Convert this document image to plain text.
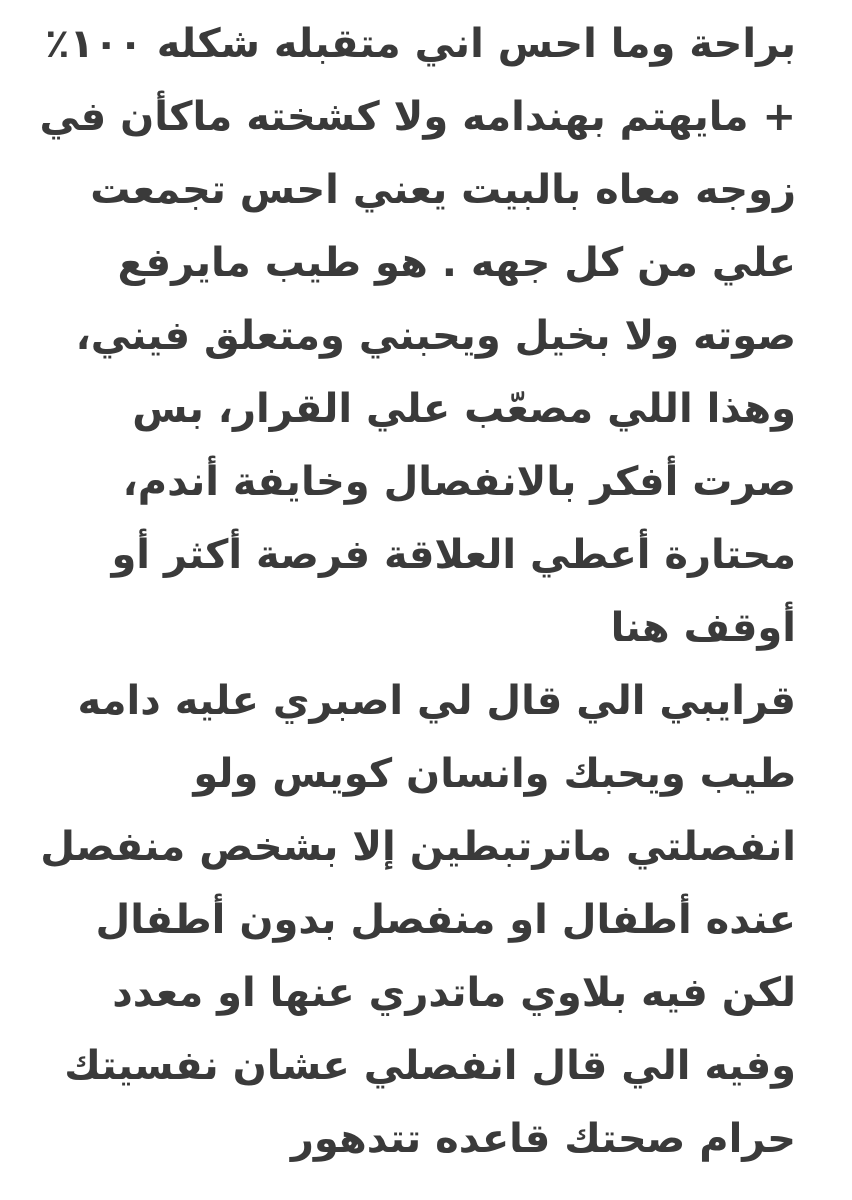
براحة وما احس اني متقبله شكله ١٠٠٪
+ مايهتم بهندامه ولا كشخته ماكأن في
زوجه معاه بالبيت يعني احس تجمعت
علي من كل جهه . هو طيب مايرفع
صوته ولا بخيل ويحبني ومتعلق فيني،
وهذا اللي مصعّب علي القرار، بس
صرت أفكر بالانفصال وخايفة أندم،
محتارة أعطي العلاقة فرصة أكثر أو
أوقف هنا
قرايبي الي قال لي اصبري عليه دامه
طيب ويحبك وانسان كويس ولو
انفصلتي ماترتبطين إلا بشخص منفصل
عنده أطفال او منفصل بدون أطفال
لكن فيه بلاوي ماتدري عنها او معدد
وفيه الي قال انفصلي عشان نفسيتك
حرام صحتك قاعده تتدهور
